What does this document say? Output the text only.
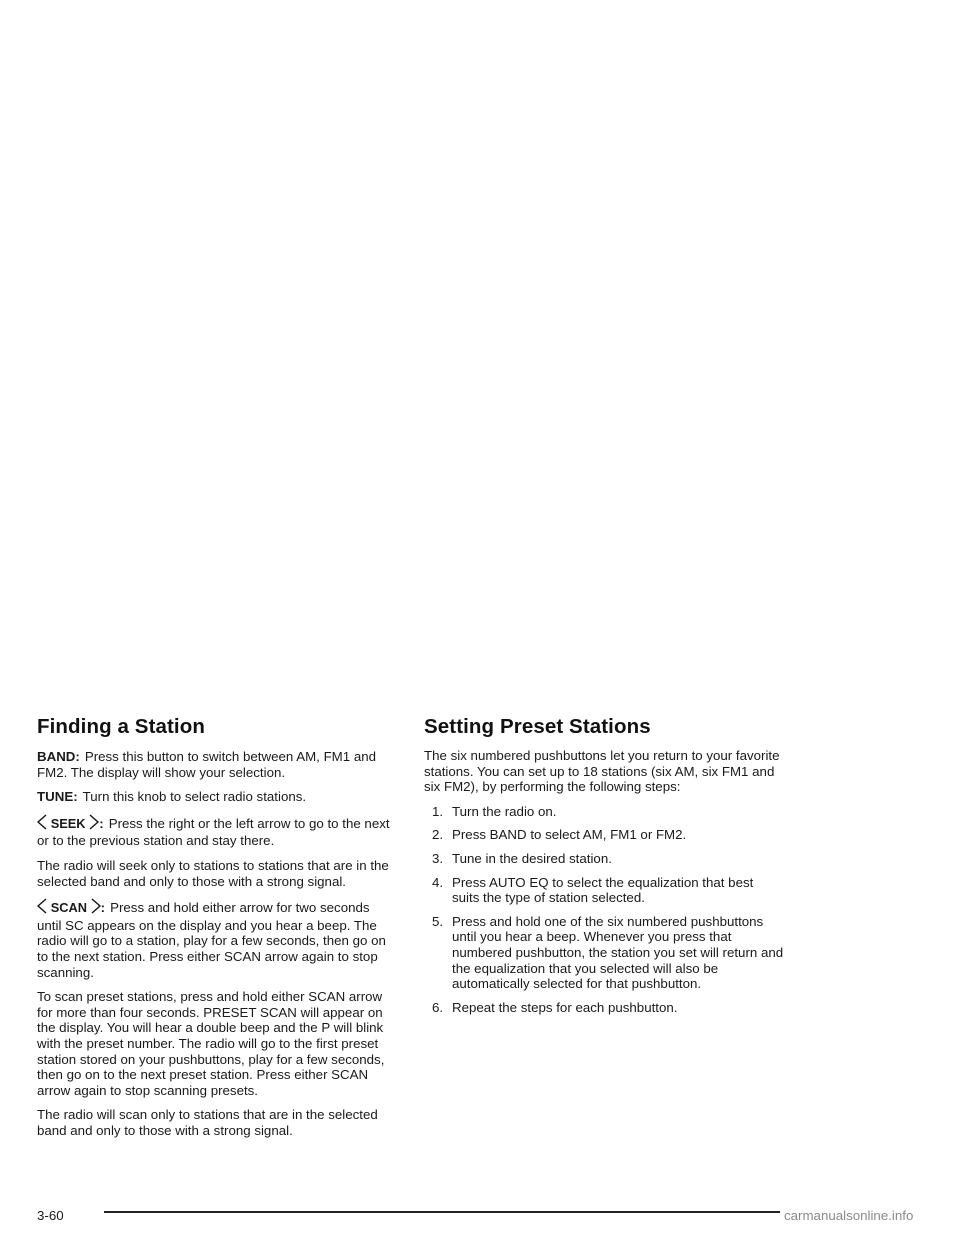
Finding a Station

BAND: Press this button to switch between AM, FM1 and FM2. The display will show your selection.

TUNE: Turn this knob to select radio stations.

SEEK : Press the right or the left arrow to go to the next or to the previous station and stay there.

The radio will seek only to stations to stations that are in the selected band and only to those with a strong signal.

SCAN : Press and hold either arrow for two seconds until SC appears on the display and you hear a beep. The radio will go to a station, play for a few seconds, then go on to the next station. Press either SCAN arrow again to stop scanning.

To scan preset stations, press and hold either SCAN arrow for more than four seconds. PRESET SCAN will appear on the display. You will hear a double beep and the P will blink with the preset number. The radio will go to the first preset station stored on your pushbuttons, play for a few seconds, then go on to the next preset station. Press either SCAN arrow again to stop scanning presets.

The radio will scan only to stations that are in the selected band and only to those with a strong signal.

Setting Preset Stations

The six numbered pushbuttons let you return to your favorite stations. You can set up to 18 stations (six AM, six FM1 and six FM2), by performing the following steps:

1. Turn the radio on.
2. Press BAND to select AM, FM1 or FM2.
3. Tune in the desired station.
4. Press AUTO EQ to select the equalization that best suits the type of station selected.
5. Press and hold one of the six numbered pushbuttons until you hear a beep. Whenever you press that numbered pushbutton, the station you set will return and the equalization that you selected will also be automatically selected for that pushbutton.
6. Repeat the steps for each pushbutton.
3-60	carmanualsonline.info
